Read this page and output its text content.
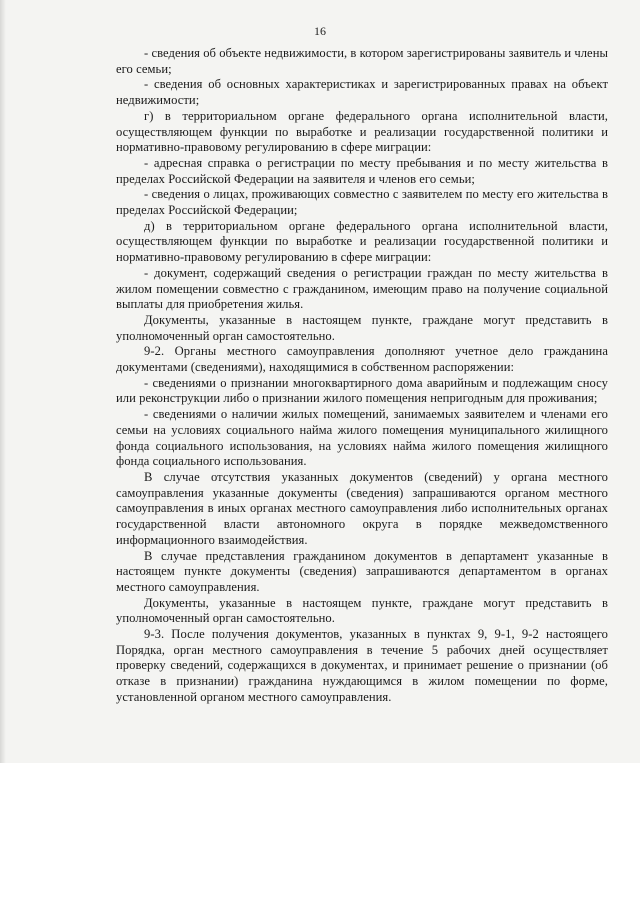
16

- сведения об объекте недвижимости, в котором зарегистрированы заявитель и члены его семьи;

- сведения об основных характеристиках и зарегистрированных правах на объект недвижимости;

г) в территориальном органе федерального органа исполнительной власти, осуществляющем функции по выработке и реализации государственной политики и нормативно-правовому регулированию в сфере миграции:

- адресная справка о регистрации по месту пребывания и по месту жительства в пределах Российской Федерации на заявителя и членов его семьи;

- сведения о лицах, проживающих совместно с заявителем по месту его жительства в пределах Российской Федерации;

д) в территориальном органе федерального органа исполнительной власти, осуществляющем функции по выработке и реализации государственной политики и нормативно-правовому регулированию в сфере миграции:

- документ, содержащий сведения о регистрации граждан по месту жительства в жилом помещении совместно с гражданином, имеющим право на получение социальной выплаты для приобретения жилья.

Документы, указанные в настоящем пункте, граждане могут представить в уполномоченный орган самостоятельно.

9-2. Органы местного самоуправления дополняют учетное дело гражданина документами (сведениями), находящимися в собственном распоряжении:

- сведениями о признании многоквартирного дома аварийным и подлежащим сносу или реконструкции либо о признании жилого помещения непригодным для проживания;

- сведениями о наличии жилых помещений, занимаемых заявителем и членами его семьи на условиях социального найма жилого помещения муниципального жилищного фонда социального использования, на условиях найма жилого помещения жилищного фонда социального использования.

В случае отсутствия указанных документов (сведений) у органа местного самоуправления указанные документы (сведения) запрашиваются органом местного самоуправления в иных органах местного самоуправления либо исполнительных органах государственной власти автономного округа в порядке межведомственного информационного взаимодействия.

В случае представления гражданином документов в департамент указанные в настоящем пункте документы (сведения) запрашиваются департаментом в органах местного самоуправления.

Документы, указанные в настоящем пункте, граждане могут представить в уполномоченный орган самостоятельно.

9-3. После получения документов, указанных в пунктах 9, 9-1, 9-2 настоящего Порядка, орган местного самоуправления в течение 5 рабочих дней осуществляет проверку сведений, содержащихся в документах, и принимает решение о признании (об отказе в признании) гражданина нуждающимся в жилом помещении по форме, установленной органом местного самоуправления.
